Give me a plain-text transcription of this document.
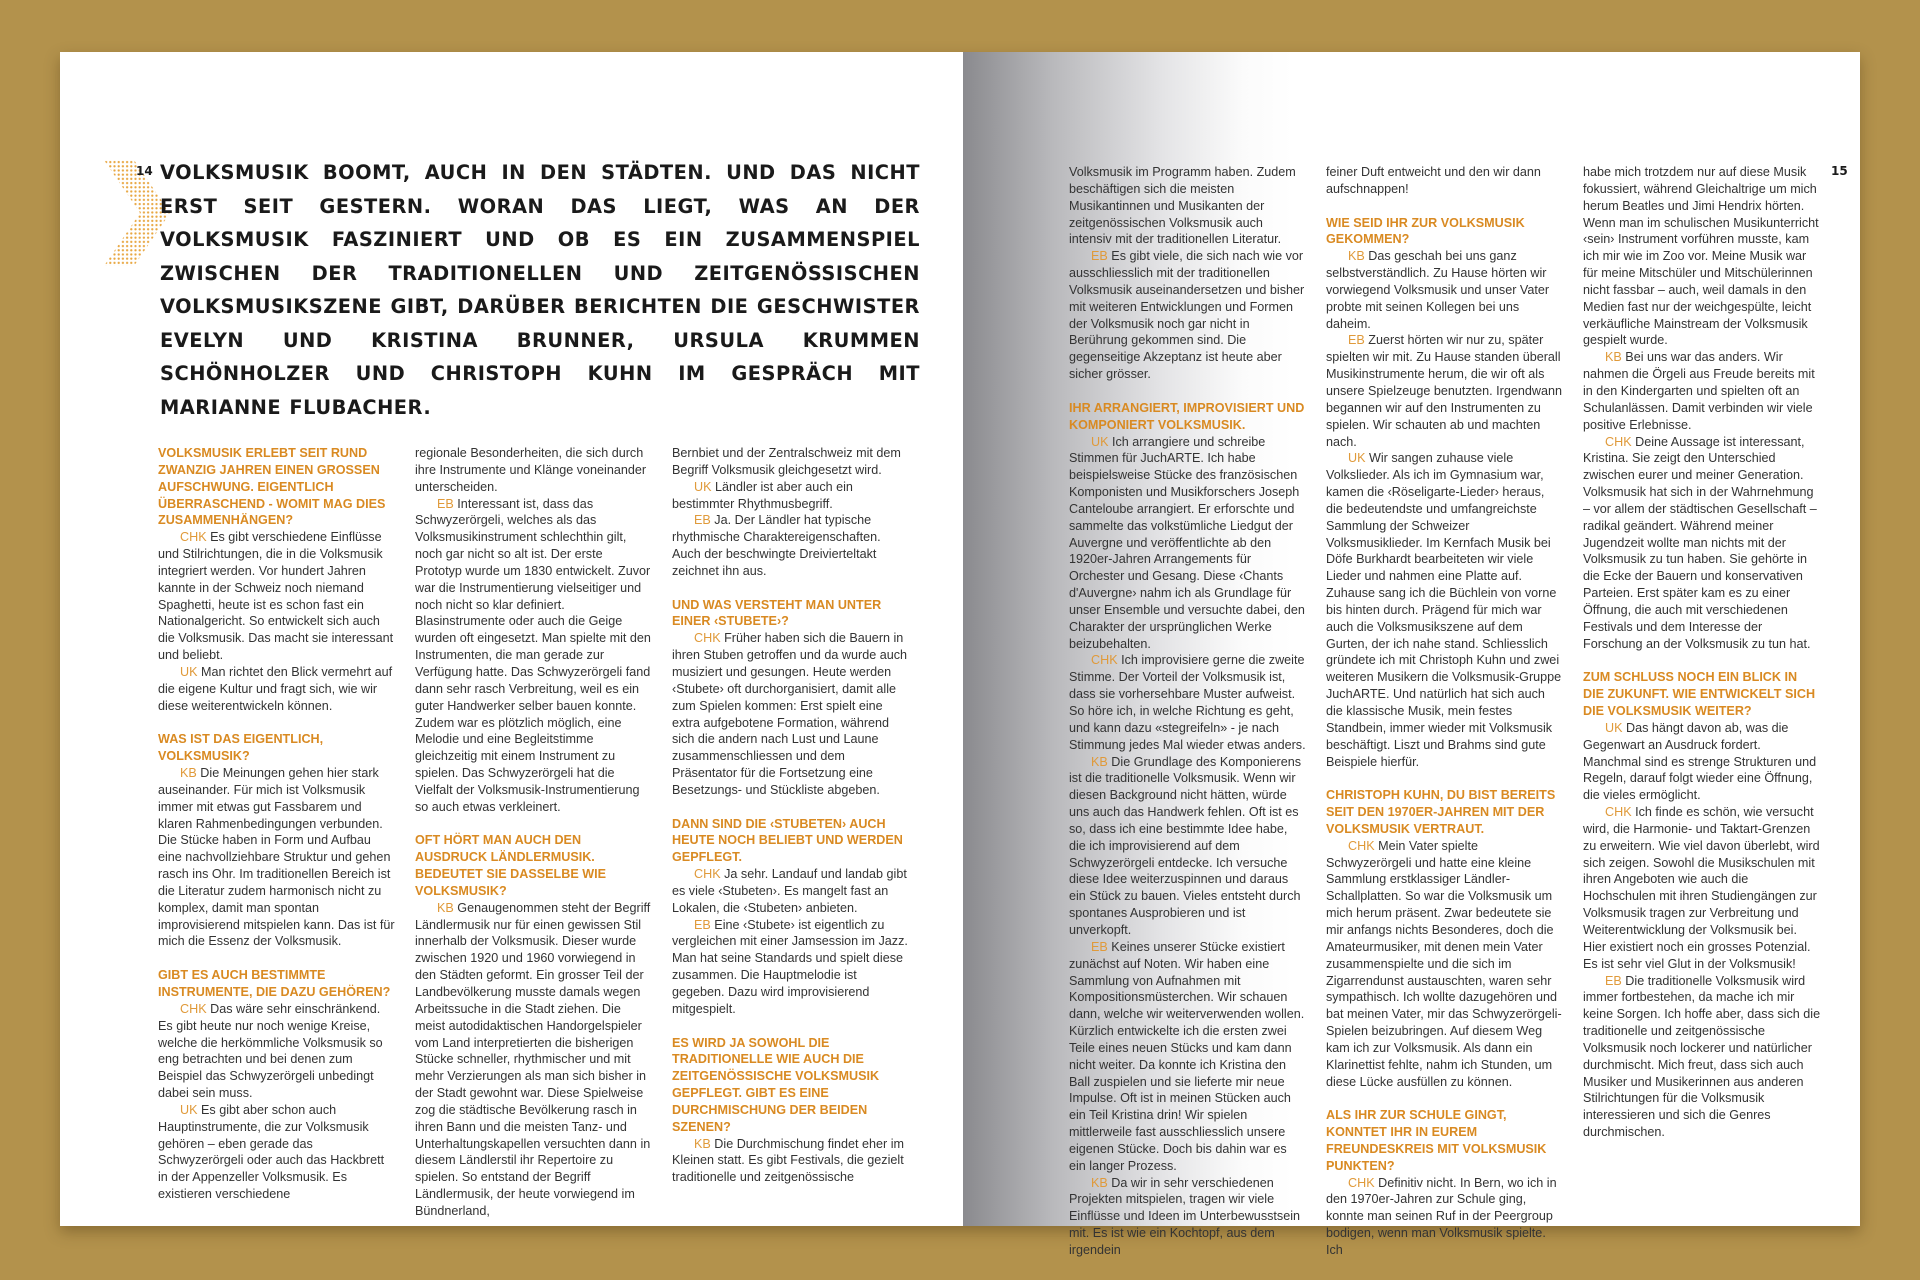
14 VOLKSMUSIK BOOMT, AUCH IN DEN STÄDTEN. UND DAS NICHT ERST SEIT GESTERN. WORAN DAS LIEGT, WAS AN DER VOLKSMUSIK FASZINIERT UND OB ES EIN ZUSAMMENSPIEL ZWISCHEN DER TRADITIONELLEN UND ZEITGENÖSSISCHEN VOLKSMUSIKSZENE GIBT, DARÜBER BERICHTEN DIE GESCHWISTER EVELYN UND KRISTINA BRUNNER, URSULA KRUMMEN SCHÖNHOLZER UND CHRISTOPH KUHN IM GESPRÄCH MIT MARIANNE FLUBACHER.

VOLKSMUSIK ERLEBT SEIT RUND ZWANZIG JAHREN EINEN GROSSEN AUFSCHWUNG. EIGENTLICH ÜBERRASCHEND - WOMIT MAG DIES ZUSAMMENHÄNGEN?

CHK Es gibt verschiedene Einflüsse und Stilrichtungen, die in die Volksmusik integriert werden. Vor hundert Jahren kannte in der Schweiz noch niemand Spaghetti, heute ist es schon fast ein Nationalgericht. So entwickelt sich auch die Volksmusik. Das macht sie interessant und beliebt.

UK Man richtet den Blick vermehrt auf die eigene Kultur und fragt sich, wie wir diese weiterentwickeln können.

WAS IST DAS EIGENTLICH, VOLKSMUSIK?

KB Die Meinungen gehen hier stark auseinander. Für mich ist Volksmusik immer mit etwas gut Fassbarem und klaren Rahmenbedingungen verbunden. Die Stücke haben in Form und Aufbau eine nachvollziehbare Struktur und gehen rasch ins Ohr. Im traditionellen Bereich ist die Literatur zudem harmonisch nicht zu komplex, damit man spontan improvisierend mitspielen kann. Das ist für mich die Essenz der Volksmusik.

GIBT ES AUCH BESTIMMTE INSTRUMENTE, DIE DAZU GEHÖREN?

CHK Das wäre sehr einschränkend. Es gibt heute nur noch wenige Kreise, welche die herkömmliche Volksmusik so eng betrachten und bei denen zum Beispiel das Schwyzerörgeli unbedingt dabei sein muss.

UK Es gibt aber schon auch Hauptinstrumente, die zur Volksmusik gehören – eben gerade das Schwyzerörgeli oder auch das Hackbrett in der Appenzeller Volksmusik. Es existieren verschiedene

regionale Besonderheiten, die sich durch ihre Instrumente und Klänge voneinander unterscheiden.

EB Interessant ist, dass das Schwyzerörgeli, welches als das Volksmusikinstrument schlechthin gilt, noch gar nicht so alt ist. Der erste Prototyp wurde um 1830 entwickelt. Zuvor war die Instrumentierung vielseitiger und noch nicht so klar definiert. Blasinstrumente oder auch die Geige wurden oft eingesetzt. Man spielte mit den Instrumenten, die man gerade zur Verfügung hatte. Das Schwyzerörgeli fand dann sehr rasch Verbreitung, weil es ein guter Handwerker selber bauen konnte. Zudem war es plötzlich möglich, eine Melodie und eine Begleitstimme gleichzeitig mit einem Instrument zu spielen. Das Schwyzerörgeli hat die Vielfalt der Volksmusik-Instrumentierung so auch etwas verkleinert.

OFT HÖRT MAN AUCH DEN AUSDRUCK LÄNDLERMUSIK. BEDEUTET SIE DASSELBE WIE VOLKSMUSIK?

KB Genaugenommen steht der Begriff Ländlermusik nur für einen gewissen Stil innerhalb der Volksmusik. Dieser wurde zwischen 1920 und 1960 vorwiegend in den Städten geformt. Ein grosser Teil der Landbevölkerung musste damals wegen Arbeitssuche in die Stadt ziehen. Die meist autodidaktischen Handorgelspieler vom Land interpretierten die bisherigen Stücke schneller, rhythmischer und mit mehr Verzierungen als man sich bisher in der Stadt gewohnt war. Diese Spielweise zog die städtische Bevölkerung rasch in ihren Bann und die meisten Tanz- und Unterhaltungskapellen versuchten dann in diesem Ländlerstil ihr Repertoire zu spielen. So entstand der Begriff Ländlermusik, der heute vorwiegend im Bündnerland,

Bernbiet und der Zentralschweiz mit dem Begriff Volksmusik gleichgesetzt wird.

UK Ländler ist aber auch ein bestimmter Rhythmusbegriff.

EB Ja. Der Ländler hat typische rhythmische Charaktereigenschaften. Auch der beschwingte Dreivierteltakt zeichnet ihn aus.

UND WAS VERSTEHT MAN UNTER EINER ‹STUBETE›?

CHK Früher haben sich die Bauern in ihren Stuben getroffen und da wurde auch musiziert und gesungen. Heute werden ‹Stubete› oft durchorganisiert, damit alle zum Spielen kommen: Erst spielt eine extra aufgebotene Formation, während sich die andern nach Lust und Laune zusammenschliessen und dem Präsentator für die Fortsetzung eine Besetzungs- und Stückliste abgeben.

DANN SIND DIE ‹STUBETEN› AUCH HEUTE NOCH BELIEBT UND WERDEN GEPFLEGT.

CHK Ja sehr. Landauf und landab gibt es viele ‹Stubeten›. Es mangelt fast an Lokalen, die ‹Stubeten› anbieten.

EB Eine ‹Stubete› ist eigentlich zu vergleichen mit einer Jamsession im Jazz. Man hat seine Standards und spielt diese zusammen. Die Hauptmelodie ist gegeben. Dazu wird improvisierend mitgespielt.

ES WIRD JA SOWOHL DIE TRADITIONELLE WIE AUCH DIE ZEITGENÖSSISCHE VOLKSMUSIK GEPFLEGT. GIBT ES EINE DURCHMISCHUNG DER BEIDEN SZENEN?

KB Die Durchmischung findet eher im Kleinen statt. Es gibt Festivals, die gezielt traditionelle und zeitgenössische

15

Volksmusik im Programm haben. Zudem beschäftigen sich die meisten Musikantinnen und Musikanten der zeitgenössischen Volksmusik auch intensiv mit der traditionellen Literatur.

EB Es gibt viele, die sich nach wie vor ausschliesslich mit der traditionellen Volksmusik auseinandersetzen und bisher mit weiteren Entwicklungen und Formen der Volksmusik noch gar nicht in Berührung gekommen sind. Die gegenseitige Akzeptanz ist heute aber sicher grösser.

IHR ARRANGIERT, IMPROVISIERT UND KOMPONIERT VOLKSMUSIK.

UK Ich arrangiere und schreibe Stimmen für JuchARTE. Ich habe beispielsweise Stücke des französischen Komponisten und Musikforschers Joseph Canteloube arrangiert. Er erforschte und sammelte das volkstümliche Liedgut der Auvergne und veröffentlichte ab den 1920er-Jahren Arrangements für Orchester und Gesang. Diese ‹Chants d'Auvergne› nahm ich als Grundlage für unser Ensemble und versuchte dabei, den Charakter der ursprünglichen Werke beizubehalten.

CHK Ich improvisiere gerne die zweite Stimme. Der Vorteil der Volksmusik ist, dass sie vorhersehbare Muster aufweist. So höre ich, in welche Richtung es geht, und kann dazu «stegreifeln» - je nach Stimmung jedes Mal wieder etwas anders.

KB Die Grundlage des Komponierens ist die traditionelle Volksmusik. Wenn wir diesen Background nicht hätten, würde uns auch das Handwerk fehlen. Oft ist es so, dass ich eine bestimmte Idee habe, die ich improvisierend auf dem Schwyzerörgeli entdecke. Ich versuche diese Idee weiterzuspinnen und daraus ein Stück zu bauen. Vieles entsteht durch spontanes Ausprobieren und ist unverkopft.

EB Keines unserer Stücke existiert zunächst auf Noten. Wir haben eine Sammlung von Aufnahmen mit Kompositionsmüsterchen. Wir schauen dann, welche wir weiterverwenden wollen. Kürzlich entwickelte ich die ersten zwei Teile eines neuen Stücks und kam dann nicht weiter. Da konnte ich Kristina den Ball zuspielen und sie lieferte mir neue Impulse. Oft ist in meinen Stücken auch ein Teil Kristina drin! Wir spielen mittlerweile fast ausschliesslich unsere eigenen Stücke. Doch bis dahin war es ein langer Prozess.

KB Da wir in sehr verschiedenen Projekten mitspielen, tragen wir viele Einflüsse und Ideen im Unterbewusstsein mit. Es ist wie ein Kochtopf, aus dem irgendein

feiner Duft entweicht und den wir dann aufschnappen!

WIE SEID IHR ZUR VOLKSMUSIK GEKOMMEN?

KB Das geschah bei uns ganz selbstverständlich. Zu Hause hörten wir vorwiegend Volksmusik und unser Vater probte mit seinen Kollegen bei uns daheim.

EB Zuerst hörten wir nur zu, später spielten wir mit. Zu Hause standen überall Musikinstrumente herum, die wir oft als unsere Spielzeuge benutzten. Irgendwann begannen wir auf den Instrumenten zu spielen. Wir schauten ab und machten nach.

UK Wir sangen zuhause viele Volkslieder. Als ich im Gymnasium war, kamen die ‹Röseligarte-Lieder› heraus, die bedeutendste und umfangreichste Sammlung der Schweizer Volksmusiklieder. Im Kernfach Musik bei Döfe Burkhardt bearbeiteten wir viele Lieder und nahmen eine Platte auf. Zuhause sang ich die Büchlein von vorne bis hinten durch. Prägend für mich war auch die Volksmusikszene auf dem Gurten, der ich nahe stand. Schliesslich gründete ich mit Christoph Kuhn und zwei weiteren Musikern die Volksmusik-Gruppe JuchARTE. Und natürlich hat sich auch die klassische Musik, mein festes Standbein, immer wieder mit Volksmusik beschäftigt. Liszt und Brahms sind gute Beispiele hierfür.

CHRISTOPH KUHN, DU BIST BEREITS SEIT DEN 1970ER-JAHREN MIT DER VOLKSMUSIK VERTRAUT.

CHK Mein Vater spielte Schwyzerörgeli und hatte eine kleine Sammlung erstklassiger Ländler-Schallplatten. So war die Volksmusik um mich herum präsent. Zwar bedeutete sie mir anfangs nichts Besonderes, doch die Amateurmusiker, mit denen mein Vater zusammenspielte und die sich im Zigarrendunst austauschten, waren sehr sympathisch. Ich wollte dazugehören und bat meinen Vater, mir das Schwyzerörgeli-Spielen beizubringen. Auf diesem Weg kam ich zur Volksmusik. Als dann ein Klarinettist fehlte, nahm ich Stunden, um diese Lücke ausfüllen zu können.

ALS IHR ZUR SCHULE GINGT, KONNTET IHR IN EUREM FREUNDESKREIS MIT VOLKSMUSIK PUNKTEN?

CHK Definitiv nicht. In Bern, wo ich in den 1970er-Jahren zur Schule ging, konnte man seinen Ruf in der Peergroup bodigen, wenn man Volksmusik spielte. Ich

habe mich trotzdem nur auf diese Musik fokussiert, während Gleichaltrige um mich herum Beatles und Jimi Hendrix hörten. Wenn man im schulischen Musikunterricht ‹sein› Instrument vorführen musste, kam ich mir wie im Zoo vor. Meine Musik war für meine Mitschüler und Mitschülerinnen nicht fassbar – auch, weil damals in den Medien fast nur der weichgespülte, leicht verkäufliche Mainstream der Volksmusik gespielt wurde.

KB Bei uns war das anders. Wir nahmen die Örgeli aus Freude bereits mit in den Kindergarten und spielten oft an Schulanlässen. Damit verbinden wir viele positive Erlebnisse.

CHK Deine Aussage ist interessant, Kristina. Sie zeigt den Unterschied zwischen eurer und meiner Generation. Volksmusik hat sich in der Wahrnehmung – vor allem der städtischen Gesellschaft – radikal geändert. Während meiner Jugendzeit wollte man nichts mit der Volksmusik zu tun haben. Sie gehörte in die Ecke der Bauern und konservativen Parteien. Erst später kam es zu einer Öffnung, die auch mit verschiedenen Festivals und dem Interesse der Forschung an der Volksmusik zu tun hat.

ZUM SCHLUSS NOCH EIN BLICK IN DIE ZUKUNFT. WIE ENTWICKELT SICH DIE VOLKSMUSIK WEITER?

UK Das hängt davon ab, was die Gegenwart an Ausdruck fordert. Manchmal sind es strenge Strukturen und Regeln, darauf folgt wieder eine Öffnung, die vieles ermöglicht.

CHK Ich finde es schön, wie versucht wird, die Harmonie- und Taktart-Grenzen zu erweitern. Wie viel davon überlebt, wird sich zeigen. Sowohl die Musikschulen mit ihren Angeboten wie auch die Hochschulen mit ihren Studiengängen zur Volksmusik tragen zur Verbreitung und Weiterentwicklung der Volksmusik bei. Hier existiert noch ein grosses Potenzial. Es ist sehr viel Glut in der Volksmusik!

EB Die traditionelle Volksmusik wird immer fortbestehen, da mache ich mir keine Sorgen. Ich hoffe aber, dass sich die traditionelle und zeitgenössische Volksmusik noch lockerer und natürlicher durchmischt. Mich freut, dass sich auch Musiker und Musikerinnen aus anderen Stilrichtungen für die Volksmusik interessieren und sich die Genres durchmischen.
